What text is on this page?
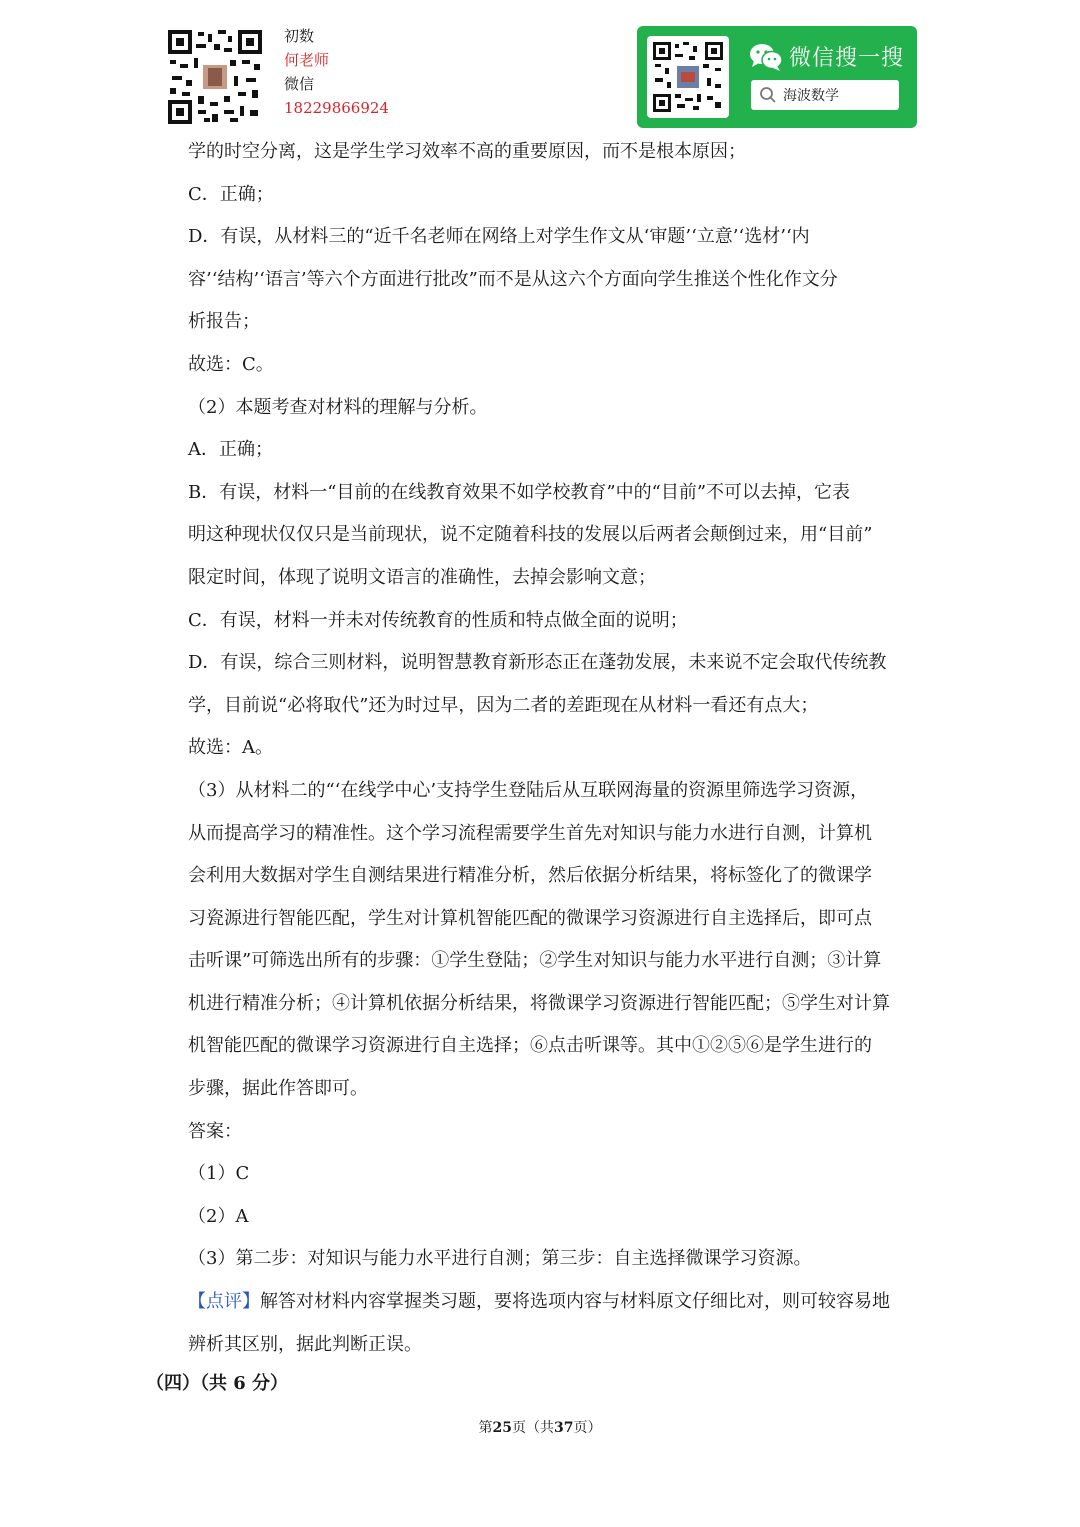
初数
何老师
微信
18229866924
微信搜一搜
海波数学

学的时空分离，这是学生学习效率不高的重要原因，而不是根本原因；

C．正确；

D．有误，从材料三的“近千名老师在网络上对学生作文从‘审题’‘立意’‘选材’‘内

容’‘结构’‘语言’等六个方面进行批改”而不是从这六个方面向学生推送个性化作文分

析报告；

故选：C。

（2）本题考查对材料的理解与分析。

A．正确；

B．有误，材料一“目前的在线教育效果不如学校教育”中的“目前”不可以去掉，它表

明这种现状仅仅只是当前现状，说不定随着科技的发展以后两者会颠倒过来，用“目前”

限定时间，体现了说明文语言的准确性，去掉会影响文意；

C．有误，材料一并未对传统教育的性质和特点做全面的说明；

D．有误，综合三则材料，说明智慧教育新形态正在蓬勃发展，未来说不定会取代传统教

学，目前说“必将取代”还为时过早，因为二者的差距现在从材料一看还有点大；

故选：A。

（3）从材料二的“‘在线学中心’支持学生登陆后从互联网海量的资源里筛选学习资源，

从而提高学习的精准性。这个学习流程需要学生首先对知识与能力水进行自测，计算机

会利用大数据对学生自测结果进行精准分析，然后依据分析结果，将标签化了的微课学

习瓷源进行智能匹配，学生对计算机智能匹配的微课学习资源进行自主选择后，即可点

击听课”可筛选出所有的步骤：①学生登陆；②学生对知识与能力水平进行自测；③计算

机进行精准分析；④计算机依据分析结果，将微课学习资源进行智能匹配；⑤学生对计算

机智能匹配的微课学习资源进行自主选择；⑥点击听课等。其中①②⑤⑥是学生进行的

步骤，据此作答即可。

答案：

（1）C

（2）A

（3）第二步：对知识与能力水平进行自测；第三步：自主选择微课学习资源。

【点评】解答对材料内容掌握类习题，要将选项内容与材料原文仔细比对，则可较容易地

辨析其区别，据此判断正误。

（四）（共 6 分）
第25页（共37页）
